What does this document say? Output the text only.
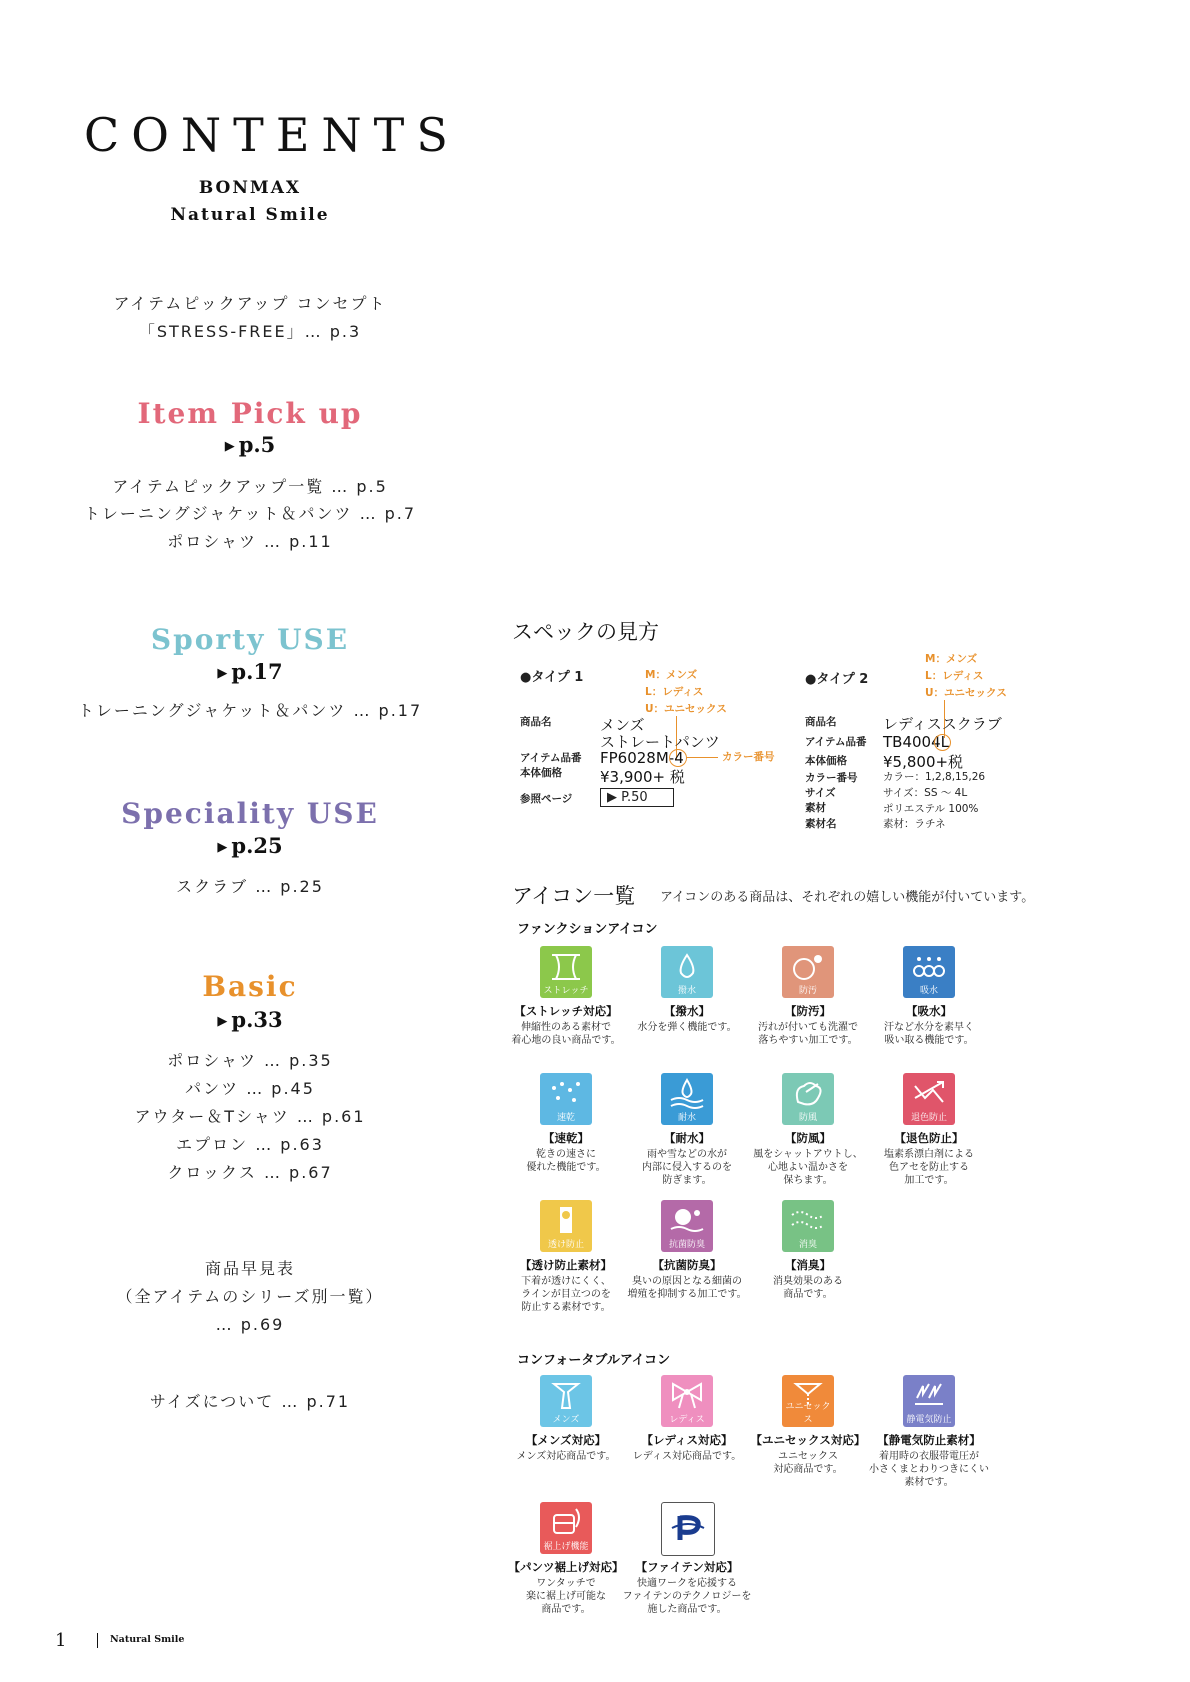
CONTENTS
BONMAX
Natural Smile
アイテムピックアップ コンセプト
「STRESS-FREE」… p.3
Item Pick up
▶ p.5
アイテムピックアップ一覧 … p.5
トレーニングジャケット＆パンツ … p.7
ポロシャツ … p.11
Sporty USE
▶ p.17
トレーニングジャケット＆パンツ … p.17
Speciality USE
▶ p.25
スクラブ … p.25
Basic
▶ p.33
ポロシャツ … p.35
パンツ … p.45
アウター＆Tシャツ … p.61
エプロン … p.63
クロックス … p.67
商品早見表
（全アイテムのシリーズ別一覧）
… p.69
サイズについて … p.71
スペックの見方
●タイプ 1	M：メンズ
L：レディス
U：ユニセックス
商品名	メンズ
ストレートパンツ
アイテム品番 FP6028M-4	カラー番号
本体価格	¥3,900+ 税
参照ページ	▶ P.50
●タイプ 2
M：メンズ
L：レディス
U：ユニセックス
商品名	レディススクラブ
アイテム品番 TB4004L
本体価格 ¥5,800+税
カラー番号 カラー：1,2,8,15,26
サイズ	サイズ：SS ～ 4L
素材	ポリエステル 100%
素材名	素材：ラチネ
アイコン一覧 アイコンのある商品は、それぞれの嬉しい機能が付いています。
ファンクションアイコン
ストレッチ
【ストレッチ対応】
伸縮性のある素材で
着心地の良い商品です。
撥水
【撥水】
水分を弾く機能です。
防汚
【防汚】
汚れが付いても洗濯で
落ちやすい加工です。
吸水
【吸水】
汗など水分を素早く
吸い取る機能です。
速乾
【速乾】
乾きの速さに
優れた機能です。
耐水
【耐水】
雨や雪などの水が
内部に侵入するのを
防ぎます。
防風
【防風】
風をシャットアウトし、
心地よい温かさを
保ちます。
退色防止
【退色防止】
塩素系漂白剤による
色アセを防止する
加工です。
透け防止
【透け防止素材】
下着が透けにくく、
ラインが目立つのを
防止する素材です。
抗菌防臭
【抗菌防臭】
臭いの原因となる細菌の
増殖を抑制する加工です。
消臭
【消臭】
消臭効果のある
商品です。
コンフォータブルアイコン
メンズ
【メンズ対応】
メンズ対応商品です。
レディス
【レディス対応】
レディス対応商品です。
ユニセックス
【ユニセックス対応】
ユニセックス
対応商品です。
静電気防止
【静電気防止素材】
着用時の衣服帯電圧が
小さくまとわりつきにくい
素材です。
裾上げ機能
【パンツ裾上げ対応】
ワンタッチで
楽に裾上げ可能な
商品です。
【ファイテン対応】
快適ワークを応援する
ファイテンのテクノロジーを
施した商品です。
1	Natural Smile
